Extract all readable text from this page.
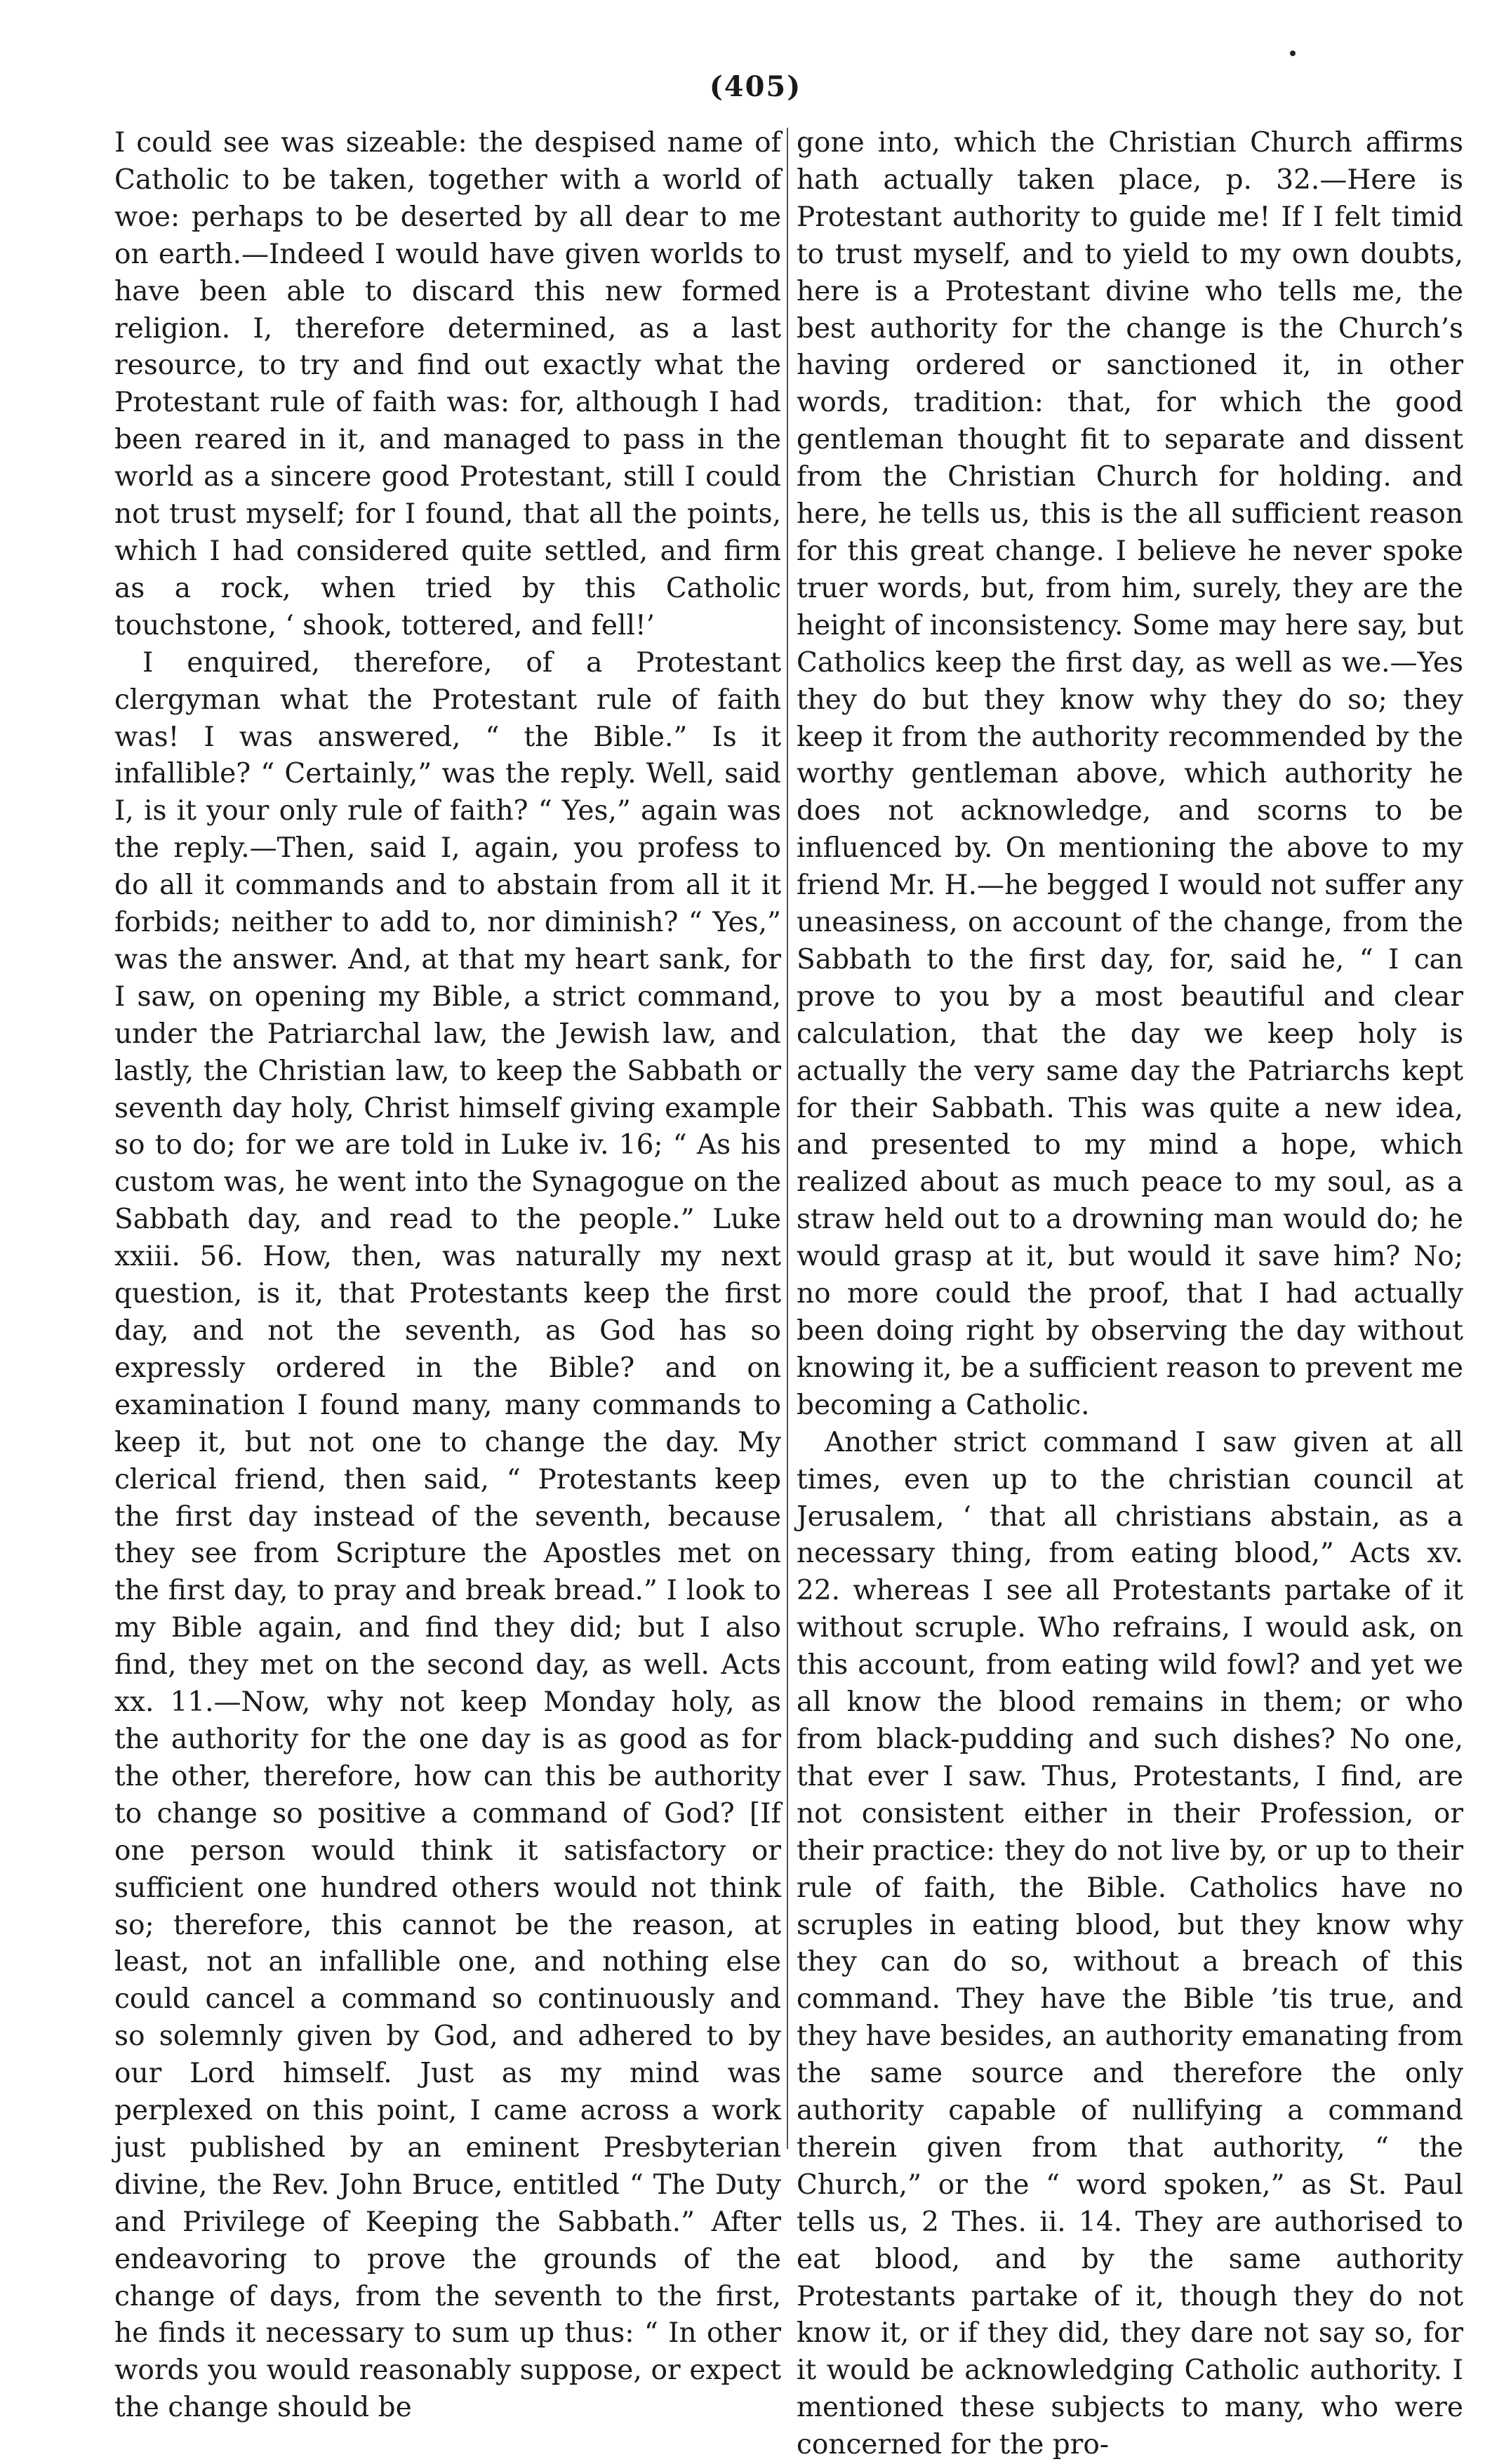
(405)

I could see was sizeable: the despised name of Catholic to be taken, together with a world of woe: perhaps to be deserted by all dear to me on earth.—Indeed I would have given worlds to have been able to discard this new formed religion. I, therefore determined, as a last resource, to try and find out exactly what the Protestant rule of faith was: for, although I had been reared in it, and managed to pass in the world as a sincere good Protestant, still I could not trust myself; for I found, that all the points, which I had considered quite settled, and firm as a rock, when tried by this Catholic touchstone, ‘ shook, tottered, and fell!’

I enquired, therefore, of a Protestant clergyman what the Protestant rule of faith was! I was answered, “ the Bible.” Is it infallible? “ Certainly,” was the reply. Well, said I, is it your only rule of faith? “ Yes,” again was the reply.—Then, said I, again, you profess to do all it commands and to abstain from all it it forbids; neither to add to, nor diminish? “ Yes,” was the answer. And, at that my heart sank, for I saw, on opening my Bible, a strict command, under the Patriarchal law, the Jewish law, and lastly, the Christian law, to keep the Sabbath or seventh day holy, Christ himself giving example so to do; for we are told in Luke iv. 16; “ As his custom was, he went into the Synagogue on the Sabbath day, and read to the people.” Luke xxiii. 56. How, then, was naturally my next question, is it, that Protestants keep the first day, and not the seventh, as God has so expressly ordered in the Bible? and on examination I found many, many commands to keep it, but not one to change the day. My clerical friend, then said, “ Protestants keep the first day instead of the seventh, because they see from Scripture the Apostles met on the first day, to pray and break bread.” I look to my Bible again, and find they did; but I also find, they met on the second day, as well. Acts xx. 11.—Now, why not keep Monday holy, as the authority for the one day is as good as for the other, therefore, how can this be authority to change so positive a command of God? [If one person would think it satisfactory or sufficient one hundred others would not think so; therefore, this cannot be the reason, at least, not an infallible one, and nothing else could cancel a command so continuously and so solemnly given by God, and adhered to by our Lord himself. Just as my mind was perplexed on this point, I came across a work just published by an eminent Presbyterian divine, the Rev. John Bruce, entitled “ The Duty and Privilege of Keeping the Sabbath.” After endeavoring to prove the grounds of the change of days, from the seventh to the first, he finds it necessary to sum up thus: “ In other words you would reasonably suppose, or expect the change should be

gone into, which the Christian Church affirms hath actually taken place, p. 32.—Here is Protestant authority to guide me! If I felt timid to trust myself, and to yield to my own doubts, here is a Protestant divine who tells me, the best authority for the change is the Church’s having ordered or sanctioned it, in other words, tradition: that, for which the good gentleman thought fit to separate and dissent from the Christian Church for holding. and here, he tells us, this is the all sufficient reason for this great change. I believe he never spoke truer words, but, from him, surely, they are the height of inconsistency. Some may here say, but Catholics keep the first day, as well as we.—Yes they do but they know why they do so; they keep it from the authority recommended by the worthy gentleman above, which authority he does not acknowledge, and scorns to be influenced by. On mentioning the above to my friend Mr. H.—he begged I would not suffer any uneasiness, on account of the change, from the Sabbath to the first day, for, said he, “ I can prove to you by a most beautiful and clear calculation, that the day we keep holy is actually the very same day the Patriarchs kept for their Sabbath. This was quite a new idea, and presented to my mind a hope, which realized about as much peace to my soul, as a straw held out to a drowning man would do; he would grasp at it, but would it save him? No; no more could the proof, that I had actually been doing right by observing the day without knowing it, be a sufficient reason to prevent me becoming a Catholic.

Another strict command I saw given at all times, even up to the christian council at Jerusalem, ‘ that all christians abstain, as a necessary thing, from eating blood,” Acts xv. 22. whereas I see all Protestants partake of it without scruple. Who refrains, I would ask, on this account, from eating wild fowl? and yet we all know the blood remains in them; or who from black-pudding and such dishes? No one, that ever I saw. Thus, Protestants, I find, are not consistent either in their Profession, or their practice: they do not live by, or up to their rule of faith, the Bible. Catholics have no scruples in eating blood, but they know why they can do so, without a breach of this command. They have the Bible ’tis true, and they have besides, an authority emanating from the same source and therefore the only authority capable of nullifying a command therein given from that authority, “ the Church,” or the “ word spoken,” as St. Paul tells us, 2 Thes. ii. 14. They are authorised to eat blood, and by the same authority Protestants partake of it, though they do not know it, or if they did, they dare not say so, for it would be acknowledging Catholic authority. I mentioned these subjects to many, who were concerned for the pro-
